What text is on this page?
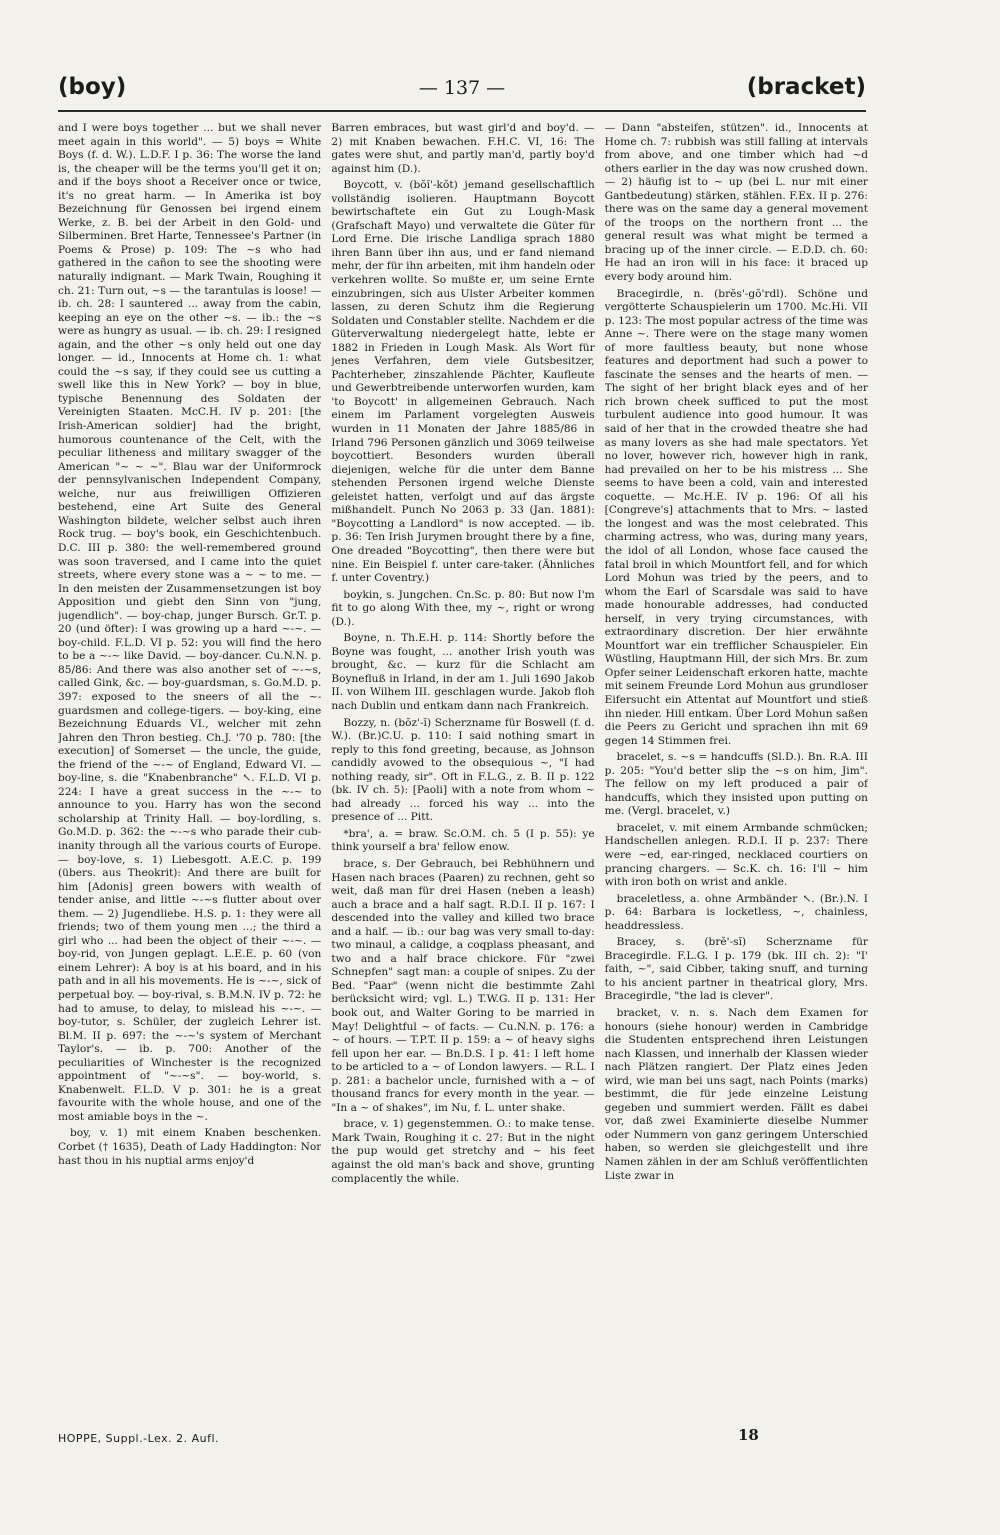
(boy)	— 137 —	(bracket)

and I were boys together ... but we shall never meet again in this world". — 5) boys = White Boys (f. d. W.). L.D.F. I p. 36: The worse the land is, the cheaper will be the terms you'll get it on; and if the boys shoot a Receiver once or twice, it's no great harm. — In Amerika ist boy Bezeichnung für Genossen bei irgend einem Werke, z. B. bei der Arbeit in den Gold- und Silberminen. Bret Harte, Tennessee's Partner (in Poems & Prose) p. 109: The ~s who had gathered in the cañon to see the shooting were naturally indignant. — Mark Twain, Roughing it ch. 21: Turn out, ~s — the tarantulas is loose! — ib. ch. 28: I sauntered ... away from the cabin, keeping an eye on the other ~s. — ib.: the ~s were as hungry as usual. — ib. ch. 29: I resigned again, and the other ~s only held out one day longer. — id., Innocents at Home ch. 1: what could the ~s say, if they could see us cutting a swell like this in New York? — boy in blue, typische Benennung des Soldaten der Vereinigten Staaten. McC.H. IV p. 201: [the Irish-American soldier] had the bright, humorous countenance of the Celt, with the peculiar litheness and military swagger of the American "~ ~ ~". Blau war der Uniformrock der pennsylvanischen Independent Company, welche, nur aus freiwilligen Offizieren bestehend, eine Art Suite des General Washington bildete, welcher selbst auch ihren Rock trug. — boy's book, ein Geschichtenbuch. D.C. III p. 380: the well-remembered ground was soon traversed, and I came into the quiet streets, where every stone was a ~ ~ to me. — In den meisten der Zusammensetzungen ist boy Apposition und giebt den Sinn von "jung, jugendlich". — boy-chap, junger Bursch. Gr.T. p. 20 (und öfter): I was growing up a hard ~-~. — boy-child. F.L.D. VI p. 52: you will find the hero to be a ~-~ like David. — boy-dancer. Cu.N.N. p. 85/86: And there was also another set of ~-~s, called Gink, &c. — boy-guardsman, s. Go.M.D. p. 397: exposed to the sneers of all the ~-guardsmen and college-tigers. — boy-king, eine Bezeichnung Eduards VI., welcher mit zehn Jahren den Thron bestieg. Ch.J. '70 p. 780: [the execution] of Somerset — the uncle, the guide, the friend of the ~-~ of England, Edward VI. — boy-line, s. die "Knabenbranche" ↖. F.L.D. VI p. 224: I have a great success in the ~-~ to announce to you. Harry has won the second scholarship at Trinity Hall. — boy-lordling, s. Go.M.D. p. 362: the ~-~s who parade their cub-inanity through all the various courts of Europe. — boy-love, s. 1) Liebesgott. A.E.C. p. 199 (übers. aus Theokrit): And there are built for him [Adonis] green bowers with wealth of tender anise, and little ~-~s flutter about over them. — 2) Jugendliebe. H.S. p. 1: they were all friends; two of them young men ...; the third a girl who ... had been the object of their ~-~. — boy-rid, von Jungen geplagt. L.E.E. p. 60 (von einem Lehrer): A boy is at his board, and in his path and in all his movements. He is ~-~, sick of perpetual boy. — boy-rival, s. B.M.N. IV p. 72: he had to amuse, to delay, to mislead his ~-~. — boy-tutor, s. Schüler, der zugleich Lehrer ist. Bl.M. II p. 697: the ~-~'s system of Merchant Taylor's. — ib. p. 700: Another of the peculiarities of Winchester is the recognized appointment of "~-~s". — boy-world, s. Knabenwelt. F.L.D. V p. 301: he is a great favourite with the whole house, and one of the most amiable boys in the ~.

boy, v. 1) mit einem Knaben beschenken. Corbet († 1635), Death of Lady Haddington: Nor hast thou in his nuptial arms enjoy'd

Barren embraces, but wast girl'd and boy'd. — 2) mit Knaben bewachen. F.H.C. VI, 16: The gates were shut, and partly man'd, partly boy'd against him (D.).

Boycott, v. (bŏĭ'-kŏt) jemand gesellschaftlich vollständig isolieren. Hauptmann Boycott bewirtschaftete ein Gut zu Lough-Mask (Grafschaft Mayo) und verwaltete die Güter für Lord Erne. Die irische Landliga sprach 1880 ihren Bann über ihn aus, und er fand niemand mehr, der für ihn arbeiten, mit ihm handeln oder verkehren wollte. So mußte er, um seine Ernte einzubringen, sich aus Ulster Arbeiter kommen lassen, zu deren Schutz ihm die Regierung Soldaten und Constabler stellte. Nachdem er die Güterverwaltung niedergelegt hatte, lebte er 1882 in Frieden in Lough Mask. Als Wort für jenes Verfahren, dem viele Gutsbesitzer, Pachterheber, zinszahlende Pächter, Kaufleute und Gewerbtreibende unterworfen wurden, kam 'to Boycott' in allgemeinen Gebrauch. Nach einem im Parlament vorgelegten Ausweis wurden in 11 Monaten der Jahre 1885/86 in Irland 796 Personen gänzlich und 3069 teilweise boycottiert. Besonders wurden überall diejenigen, welche für die unter dem Banne stehenden Personen irgend welche Dienste geleistet hatten, verfolgt und auf das ärgste mißhandelt. Punch No 2063 p. 33 (Jan. 1881): "Boycotting a Landlord" is now accepted. — ib. p. 36: Ten Irish Jurymen brought there by a fine, One dreaded "Boycotting", then there were but nine. Ein Beispiel f. unter care-taker. (Ähnliches f. unter Coventry.)

boykin, s. Jungchen. Cn.Sc. p. 80: But now I'm fit to go along With thee, my ~, right or wrong (D.).

Boyne, n. Th.E.H. p. 114: Shortly before the Boyne was fought, ... another Irish youth was brought, &c. — kurz für die Schlacht am Boynefluß in Irland, in der am 1. Juli 1690 Jakob II. von Wilhem III. geschlagen wurde. Jakob floh nach Dublin und entkam dann nach Frankreich.

Bozzy, n. (bŏz'-ĭ) Scherzname für Boswell (f. d. W.). (Br.)C.U. p. 110: I said nothing smart in reply to this fond greeting, because, as Johnson candidly avowed to the obsequious ~, "I had nothing ready, sir". Oft in F.L.G., z. B. II p. 122 (bk. IV ch. 5): [Paoli] with a note from whom ~ had already ... forced his way ... into the presence of ... Pitt.

*bra', a. = braw. Sc.O.M. ch. 5 (I p. 55): ye think yourself a bra' fellow enow.

brace, s. Der Gebrauch, bei Rebhühnern und Hasen nach braces (Paaren) zu rechnen, geht so weit, daß man für drei Hasen (neben a leash) auch a brace and a half sagt. R.D.I. II p. 167: I descended into the valley and killed two brace and a half. — ib.: our bag was very small to-day: two minaul, a calidge, a coqplass pheasant, and two and a half brace chickore. Für "zwei Schnepfen" sagt man: a couple of snipes. Zu der Bed. "Paar" (wenn nicht die bestimmte Zahl berücksicht wird; vgl. L.) T.W.G. II p. 131: Her book out, and Walter Goring to be married in May! Delightful ~ of facts. — Cu.N.N. p. 176: a ~ of hours. — T.P.T. II p. 159: a ~ of heavy sighs fell upon her ear. — Bn.D.S. I p. 41: I left home to be articled to a ~ of London lawyers. — R.L. I p. 281: a bachelor uncle, furnished with a ~ of thousand francs for every month in the year. — "In a ~ of shakes", im Nu, f. L. unter shake.

brace, v. 1) gegenstemmen. O.: to make tense. Mark Twain, Roughing it c. 27: But in the night the pup would get stretchy and ~ his feet against the old man's back and shove, grunting complacently the while.

— Dann "absteifen, stützen". id., Innocents at Home ch. 7: rubbish was still falling at intervals from above, and one timber which had ~d others earlier in the day was now crushed down. — 2) häufig ist to ~ up (bei L. nur mit einer Gantbedeutung) stärken, stählen. F.Ex. II p. 276: there was on the same day a general movement of the troops on the northern front ... the general result was what might be termed a bracing up of the inner circle. — E.D.D. ch. 60: He had an iron will in his face: it braced up every body around him.

Bracegirdle, n. (brĕs'-gŏ'rdl). Schöne und vergötterte Schauspielerin um 1700. Mc.Hi. VII p. 123: The most popular actress of the time was Anne ~. There were on the stage many women of more faultless beauty, but none whose features and deportment had such a power to fascinate the senses and the hearts of men. — The sight of her bright black eyes and of her rich brown cheek sufficed to put the most turbulent audience into good humour. It was said of her that in the crowded theatre she had as many lovers as she had male spectators. Yet no lover, however rich, however high in rank, had prevailed on her to be his mistress ... She seems to have been a cold, vain and interested coquette. — Mc.H.E. IV p. 196: Of all his [Congreve's] attachments that to Mrs. ~ lasted the longest and was the most celebrated. This charming actress, who was, during many years, the idol of all London, whose face caused the fatal broil in which Mountfort fell, and for which Lord Mohun was tried by the peers, and to whom the Earl of Scarsdale was said to have made honourable addresses, had conducted herself, in very trying circumstances, with extraordinary discretion. Der hier erwähnte Mountfort war ein trefflicher Schauspieler. Ein Wüstling, Hauptmann Hill, der sich Mrs. Br. zum Opfer seiner Leidenschaft erkoren hatte, machte mit seinem Freunde Lord Mohun aus grundloser Eifersucht ein Attentat auf Mountfort und stieß ihn nieder. Hill entkam. Über Lord Mohun saßen die Peers zu Gericht und sprachen ihn mit 69 gegen 14 Stimmen frei.

bracelet, s. ~s = handcuffs (Sl.D.). Bn. R.A. III p. 205: "You'd better slip the ~s on him, Jim". The fellow on my left produced a pair of handcuffs, which they insisted upon putting on me. (Vergl. bracelet, v.)

bracelet, v. mit einem Armbande schmücken; Handschellen anlegen. R.D.I. II p. 237: There were ~ed, ear-ringed, necklaced courtiers on prancing chargers. — Sc.K. ch. 16: I'll ~ him with iron both on wrist and ankle.

braceletless, a. ohne Armbänder ↖. (Br.).N. I p. 64: Barbara is locketless, ~, chainless, headdressless.

Bracey, s. (brĕ'-sĭ) Scherzname für Bracegirdle. F.L.G. I p. 179 (bk. III ch. 2): "I' faith, ~", said Cibber, taking snuff, and turning to his ancient partner in theatrical glory, Mrs. Bracegirdle, "the lad is clever".

bracket, v. n. s. Nach dem Examen for honours (siehe honour) werden in Cambridge die Studenten entsprechend ihren Leistungen nach Klassen, und innerhalb der Klassen wieder nach Plätzen rangiert. Der Platz eines Jeden wird, wie man bei uns sagt, nach Points (marks) bestimmt, die für jede einzelne Leistung gegeben und summiert werden. Fällt es dabei vor, daß zwei Examinierte dieselbe Nummer oder Nummern von ganz geringem Unterschied haben, so werden sie gleichgestellt und ihre Namen zählen in der am Schluß veröffentlichten Liste zwar in

HOPPE, Suppl.-Lex. 2. Aufl.	18
